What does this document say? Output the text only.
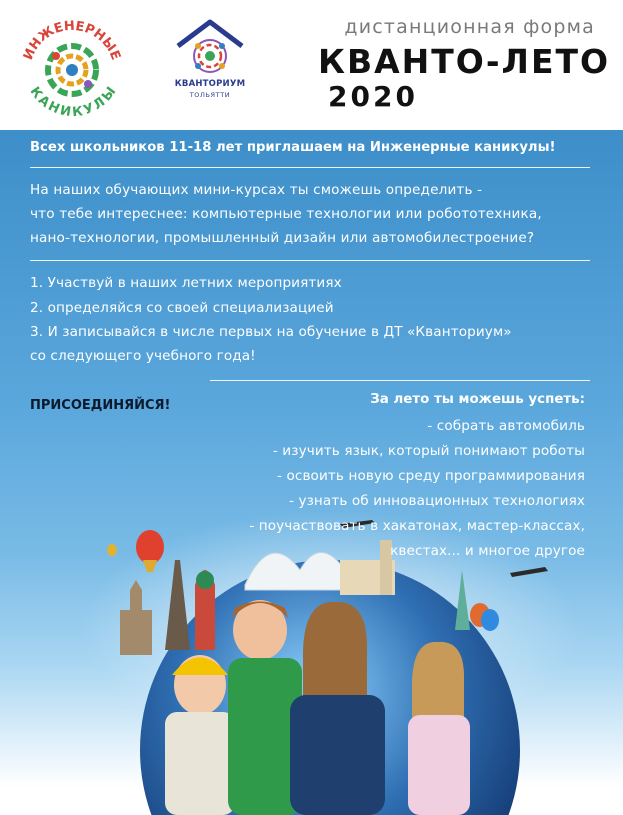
ИНЖЕНЕРНЫЕ
КАНИКУЛЫ
КВАНТОРИУМ
ТОЛЬЯТТИ
дистанционная форма
КВАНТО-ЛЕТО
2020
Всех школьников 11-18 лет приглашаем на Инженерные каникулы!
На наших обучающих мини-курсах ты сможешь определить -
что тебе интереснее: компьютерные технологии или робототехника,
нано-технологии, промышленный дизайн или автомобилестроение?
1. Участвуй в наших летних мероприятиях
2. определяйся со своей специализацией
3. И записывайся в числе первых на обучение в ДТ «Кванториум»
со следующего учебного года!
ПРИСОЕДИНЯЙСЯ!	За лето ты можешь успеть:
- собрать автомобиль
- изучить язык, который понимают роботы
- освоить новую среду программирования
- узнать об инновационных технологиях
- поучаствовать в хакатонах, мастер-классах,
квестах... и многое другое
